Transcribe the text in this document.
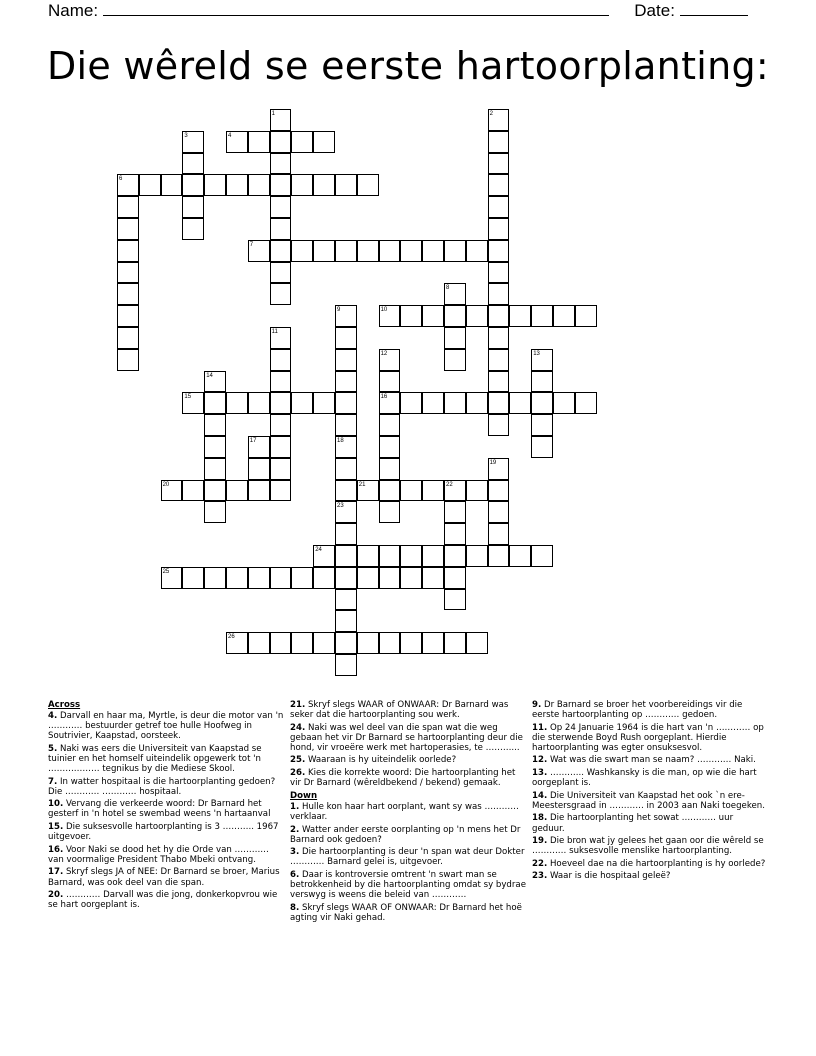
Name:	Date:
Die wêreld se eerste hartoorplanting:
4
6
7
10
15	16
20	21	22
24
25
26
1	2
3
8
9
18
11
12	13
14
17
23
19
Across
4. Darvall en haar ma, Myrtle, is deur die motor van 'n ………… bestuurder getref toe hulle Hoofweg in Soutrivier, Kaapstad, oorsteek.
5. Naki was eers die Universiteit van Kaapstad se tuinier en het homself uiteindelik opgewerk tot 'n ……………… tegnikus by die Mediese Skool.
7. In watter hospitaal is die hartoorplanting gedoen? Die ………… ………… hospitaal.
10. Vervang die verkeerde woord: Dr Barnard het gesterf in 'n hotel se swembad weens 'n hartaanval
15. Die suksesvolle hartoorplanting is 3 ……….. 1967 uitgevoer.
16. Voor Naki se dood het hy die Orde van ………… van voormalige President Thabo Mbeki ontvang.
17. Skryf slegs JA of NEE: Dr Barnard se broer, Marius Barnard, was ook deel van die span.
20. ………… Darvall was die jong, donkerkopvrou wie se hart oorgeplant is.
21. Skryf slegs WAAR of ONWAAR: Dr Barnard was seker dat die hartoorplanting sou werk.
24. Naki was wel deel van die span wat die weg gebaan het vir Dr Barnard se hartoorplanting deur die hond, vir vroeëre werk met hartoperasies, te ………...
25. Waaraan is hy uiteindelik oorlede?
26. Kies die korrekte woord: Die hartoorplanting het vir Dr Barnard (wêreldbekend / bekend) gemaak.
Down
1. Hulle kon haar hart oorplant, want sy was ………… verklaar.
2. Watter ander eerste oorplanting op 'n mens het Dr Barnard ook gedoen?
3. Die hartoorplanting is deur 'n span wat deur Dokter ………… Barnard gelei is, uitgevoer.
6. Daar is kontroversie omtrent 'n swart man se betrokkenheid by die hartoorplanting omdat sy bydrae verswyg is weens die beleid van …………
8. Skryf slegs WAAR OF ONWAAR: Dr Barnard het hoë agting vir Naki gehad.
9. Dr Barnard se broer het voorbereidings vir die eerste hartoorplanting op ………… gedoen.
11. Op 24 Januarie 1964 is die hart van 'n ………… op die sterwende Boyd Rush oorgeplant. Hierdie hartoorplanting was egter onsuksesvol.
12. Wat was die swart man se naam? ………… Naki.
13. ………... Washkansky is die man, op wie die hart oorgeplant is.
14. Die Universiteit van Kaapstad het ook `n ere-Meestersgraad in ………… in 2003 aan Naki toegeken.
18. Die hartoorplanting het sowat ………… uur geduur.
19. Die bron wat jy gelees het gaan oor die wêreld se ………… suksesvolle menslike hartoorplanting.
22. Hoeveel dae na die hartoorplanting is hy oorlede?
23. Waar is die hospitaal geleë?
